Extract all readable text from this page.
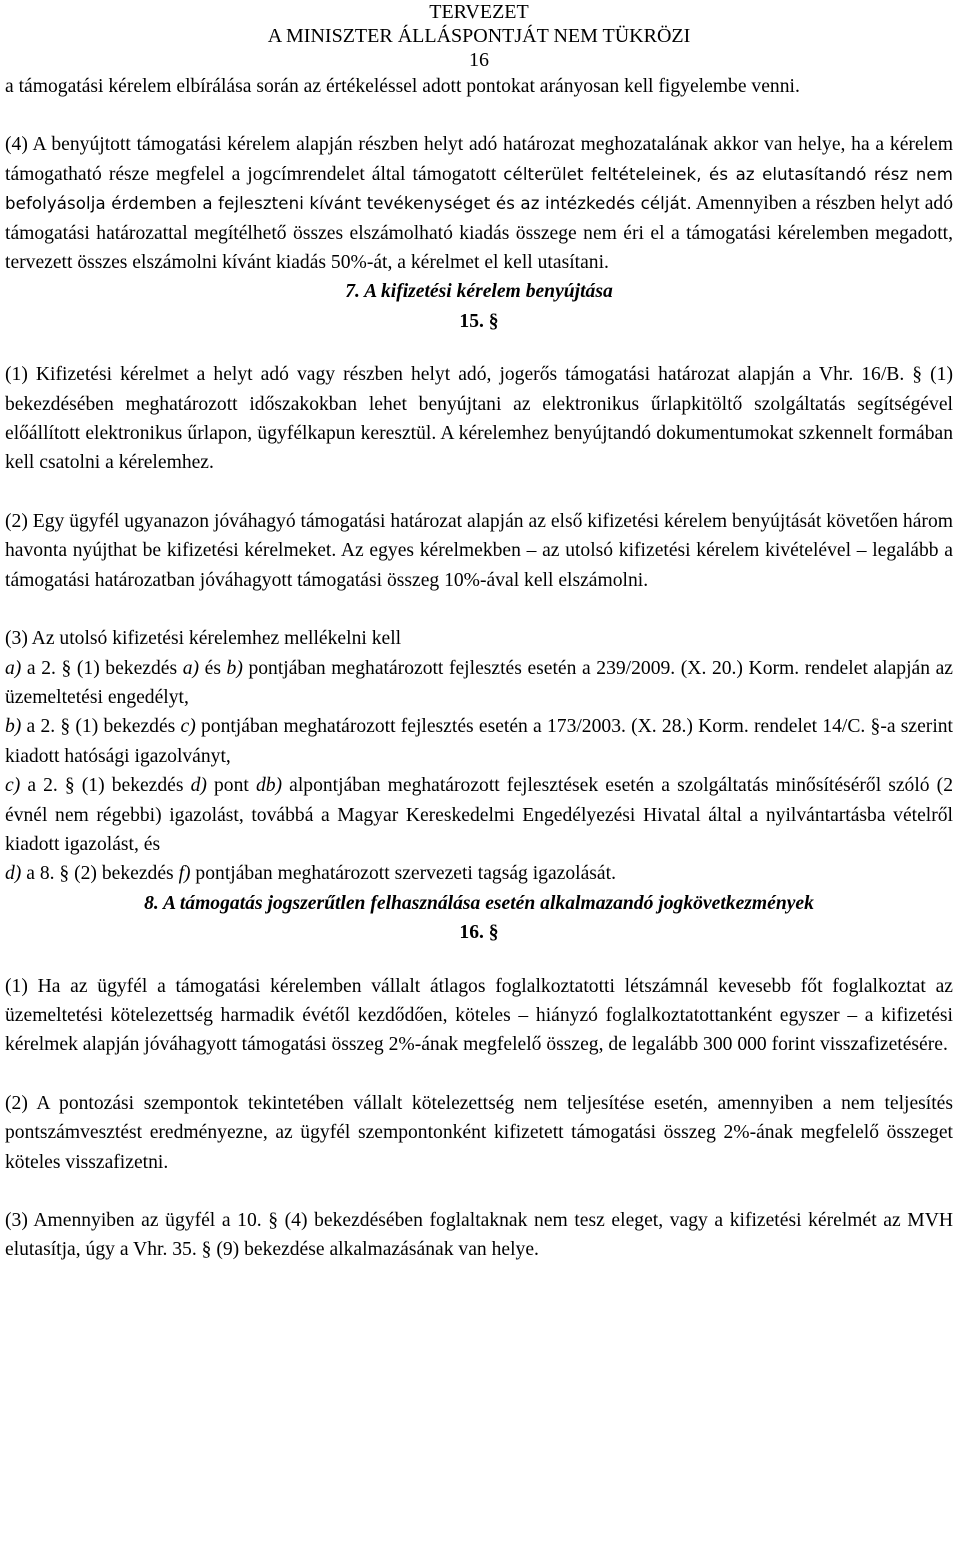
TERVEZET
A MINISZTER ÁLLÁSPONTJÁT NEM TÜKRÖZI
16

a támogatási kérelem elbírálása során az értékeléssel adott pontokat arányosan kell figyelembe venni.

(4) A benyújtott támogatási kérelem alapján részben helyt adó határozat meghozatalának akkor van helye, ha a kérelem támogatható része megfelel a jogcímrendelet által támogatott célterület feltételeinek, és az elutasítandó rész nem befolyásolja érdemben a fejleszteni kívánt tevékenységet és az intézkedés célját. Amennyiben a részben helyt adó támogatási határozattal megítélhető összes elszámolható kiadás összege nem éri el a támogatási kérelemben megadott, tervezett összes elszámolni kívánt kiadás 50%-át, a kérelmet el kell utasítani.

7. A kifizetési kérelem benyújtása

15. §

(1) Kifizetési kérelmet a helyt adó vagy részben helyt adó, jogerős támogatási határozat alapján a Vhr. 16/B. § (1) bekezdésében meghatározott időszakokban lehet benyújtani az elektronikus űrlapkitöltő szolgáltatás segítségével előállított elektronikus űrlapon, ügyfélkapun keresztül. A kérelemhez benyújtandó dokumentumokat szkennelt formában kell csatolni a kérelemhez.

(2) Egy ügyfél ugyanazon jóváhagyó támogatási határozat alapján az első kifizetési kérelem benyújtását követően három havonta nyújthat be kifizetési kérelmeket. Az egyes kérelmekben – az utolsó kifizetési kérelem kivételével – legalább a támogatási határozatban jóváhagyott támogatási összeg 10%-ával kell elszámolni.

(3) Az utolsó kifizetési kérelemhez mellékelni kell

a) a 2. § (1) bekezdés a) és b) pontjában meghatározott fejlesztés esetén a 239/2009. (X. 20.) Korm. rendelet alapján az üzemeltetési engedélyt,

b) a 2. § (1) bekezdés c) pontjában meghatározott fejlesztés esetén a 173/2003. (X. 28.) Korm. rendelet 14/C. §-a szerint kiadott hatósági igazolványt,

c) a 2. § (1) bekezdés d) pont db) alpontjában meghatározott fejlesztések esetén a szolgáltatás minősítéséről szóló (2 évnél nem régebbi) igazolást, továbbá a Magyar Kereskedelmi Engedélyezési Hivatal által a nyilvántartásba vételről kiadott igazolást, és

d) a 8. § (2) bekezdés f) pontjában meghatározott szervezeti tagság igazolását.

8. A támogatás jogszerűtlen felhasználása esetén alkalmazandó jogkövetkezmények

16. §

(1) Ha az ügyfél a támogatási kérelemben vállalt átlagos foglalkoztatotti létszámnál kevesebb főt foglalkoztat az üzemeltetési kötelezettség harmadik évétől kezdődően, köteles – hiányzó foglalkoztatottanként egyszer – a kifizetési kérelmek alapján jóváhagyott támogatási összeg 2%-ának megfelelő összeg, de legalább 300 000 forint visszafizetésére.

(2) A pontozási szempontok tekintetében vállalt kötelezettség nem teljesítése esetén, amennyiben a nem teljesítés pontszámvesztést eredményezne, az ügyfél szempontonként kifizetett támogatási összeg 2%-ának megfelelő összeget köteles visszafizetni.

(3) Amennyiben az ügyfél a 10. § (4) bekezdésében foglaltaknak nem tesz eleget, vagy a kifizetési kérelmét az MVH elutasítja, úgy a Vhr. 35. § (9) bekezdése alkalmazásának van helye.
